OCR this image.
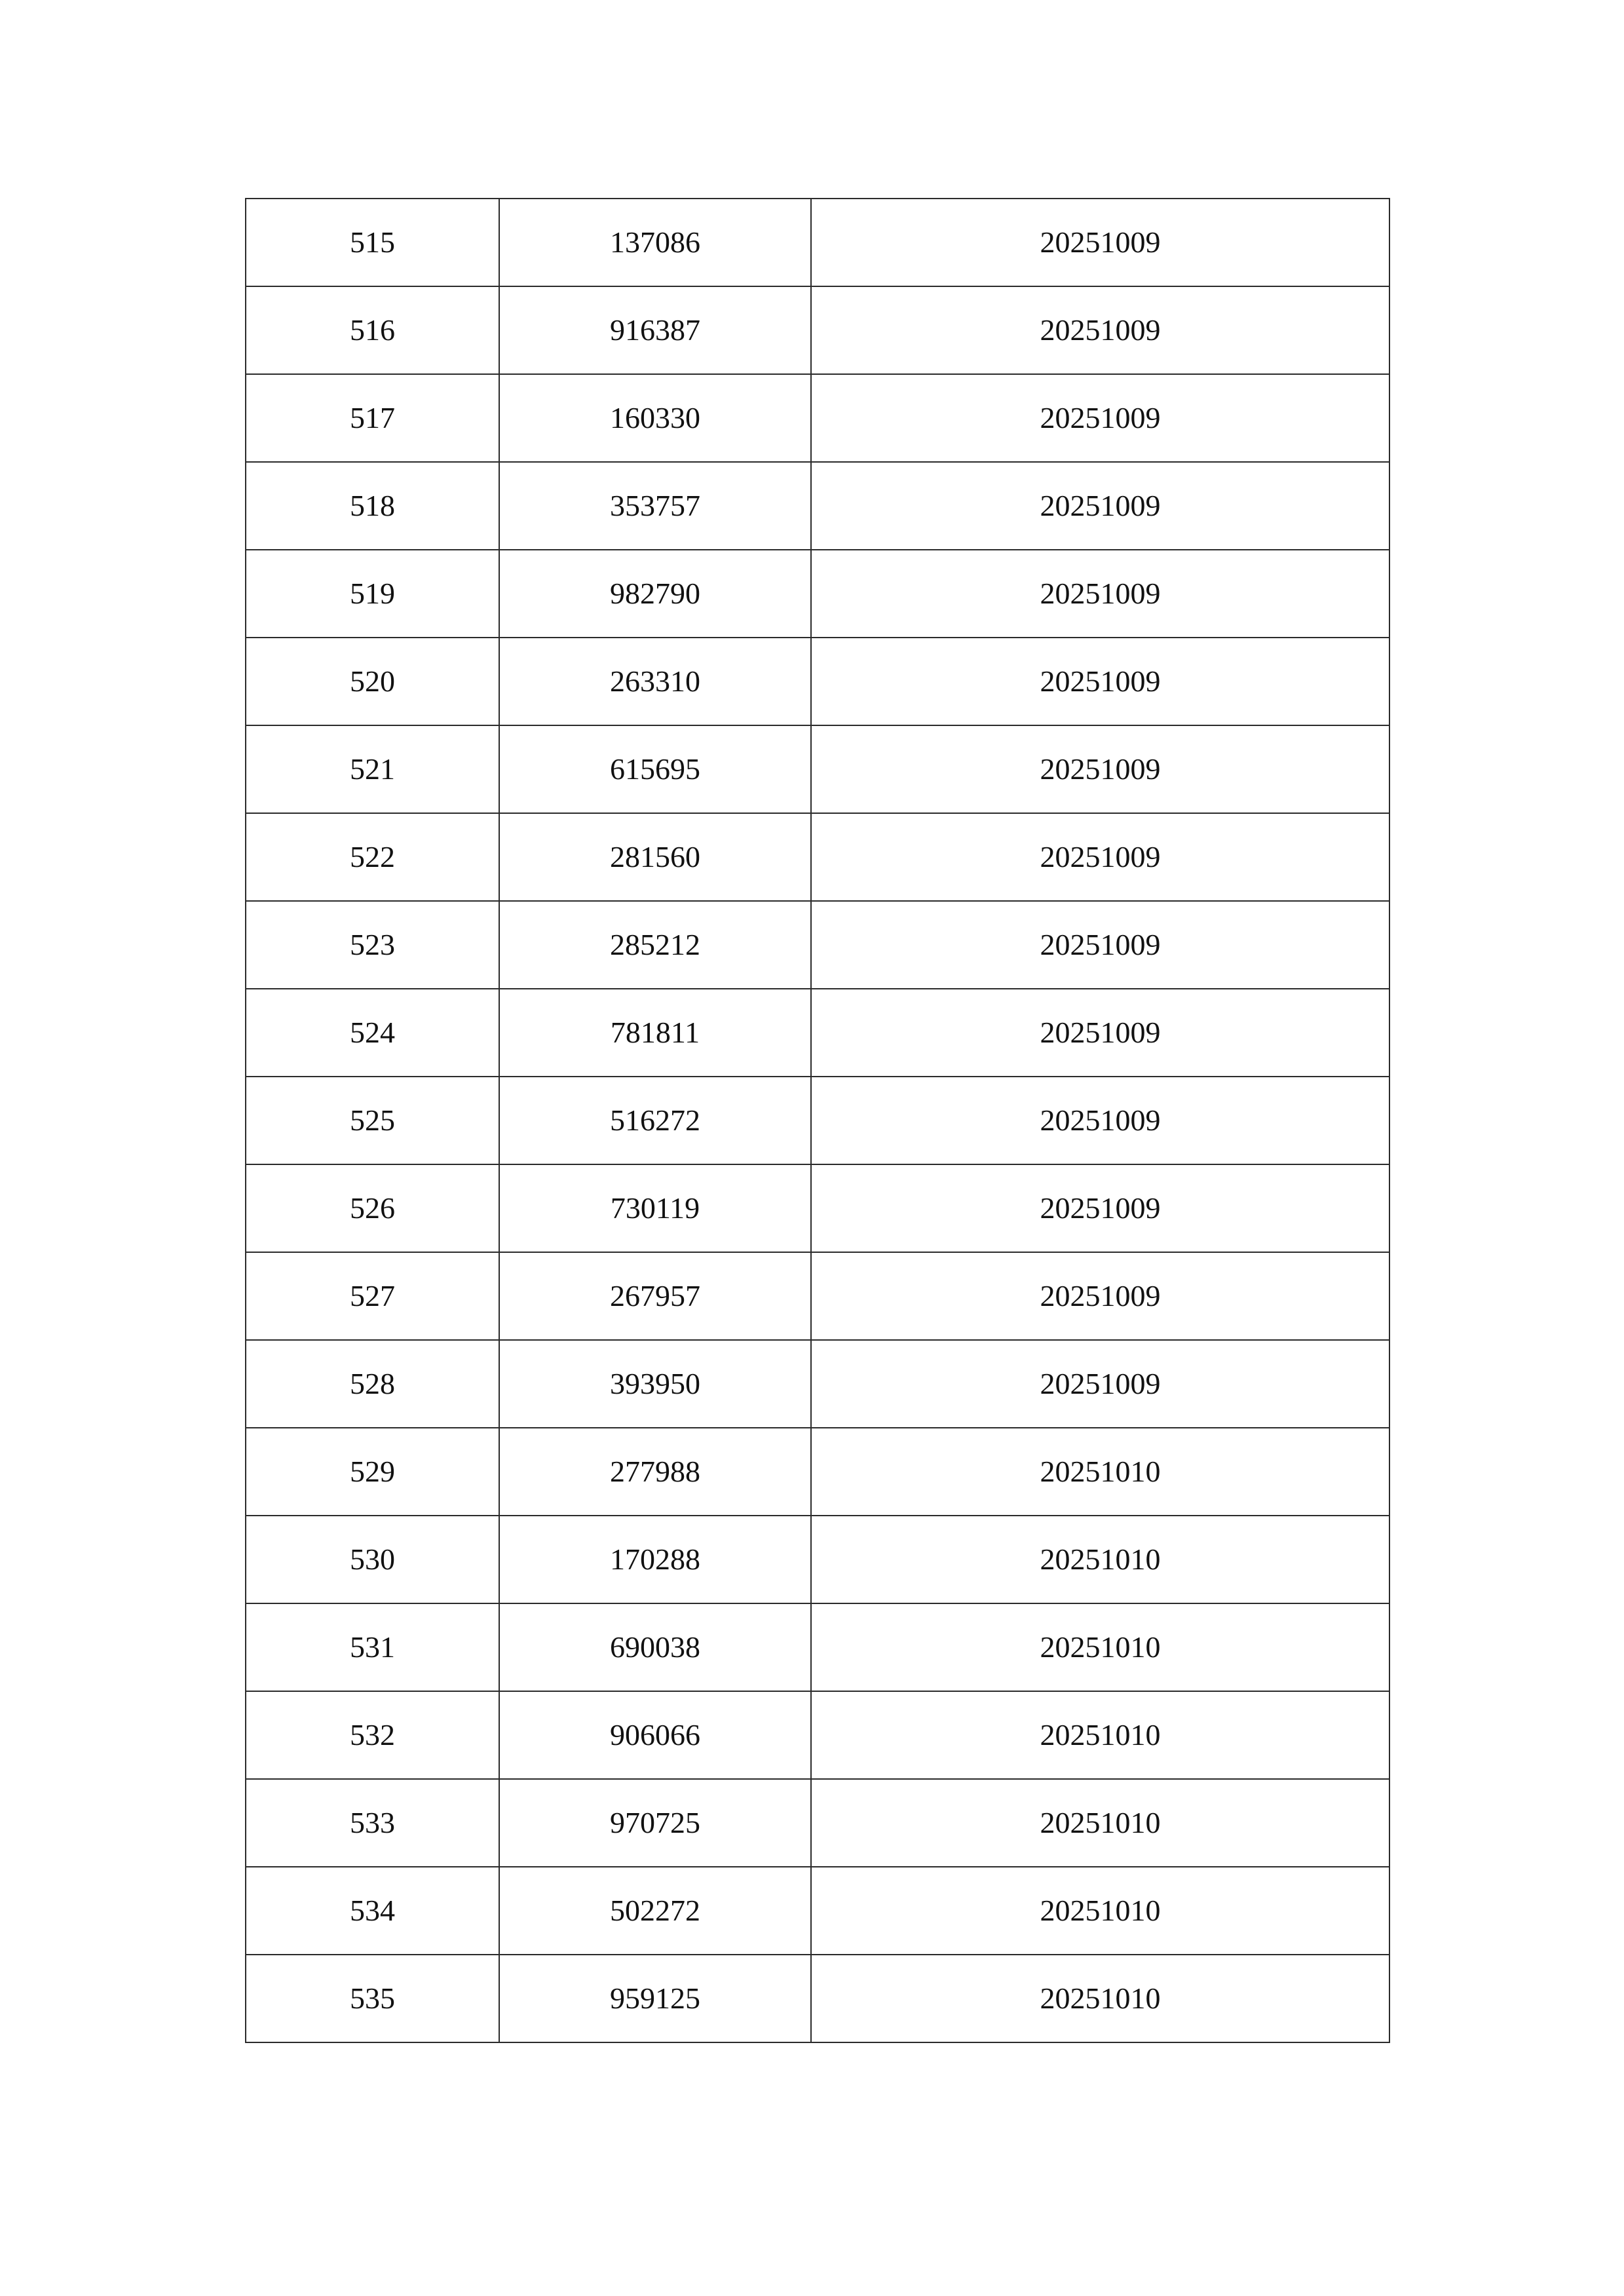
515	137086	20251009
516	916387	20251009
517	160330	20251009
518	353757	20251009
519	982790	20251009
520	263310	20251009
521	615695	20251009
522	281560	20251009
523	285212	20251009
524	781811	20251009
525	516272	20251009
526	730119	20251009
527	267957	20251009
528	393950	20251009
529	277988	20251010
530	170288	20251010
531	690038	20251010
532	906066	20251010
533	970725	20251010
534	502272	20251010
535	959125	20251010
